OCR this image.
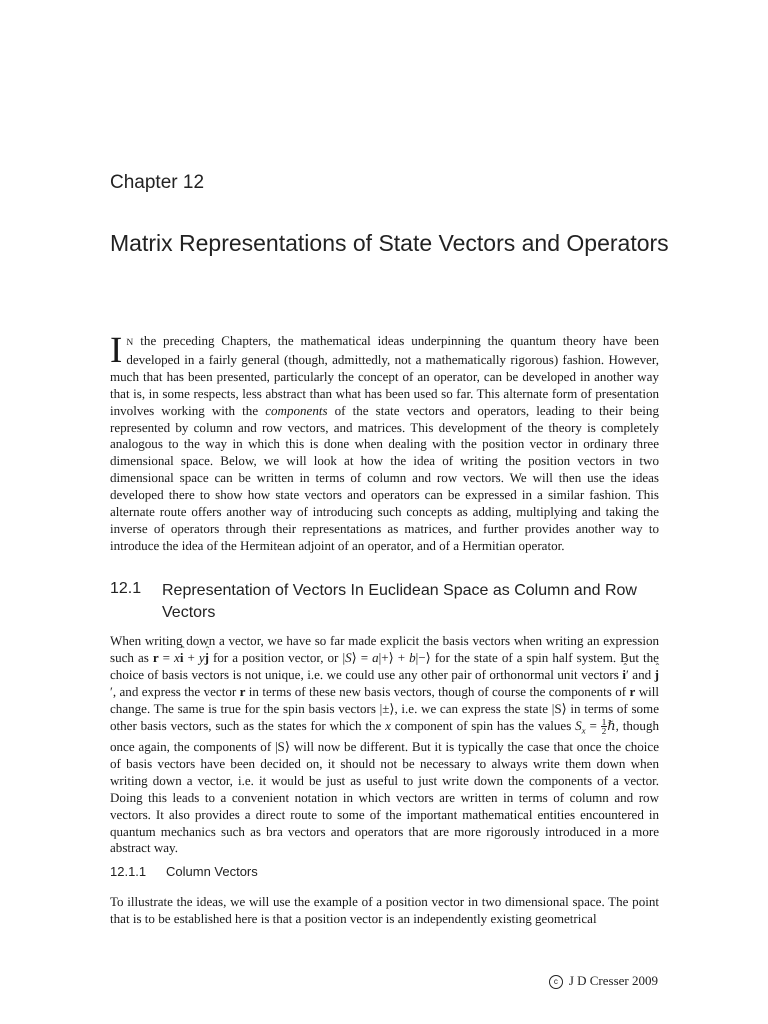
Chapter 12
Matrix Representations of State Vectors and Operators

I N the preceding Chapters, the mathematical ideas underpinning the quantum theory have been developed in a fairly general (though, admittedly, not a mathematically rigorous) fashion. However, much that has been presented, particularly the concept of an operator, can be developed in another way that is, in some respects, less abstract than what has been used so far. This alternate form of presentation involves working with the components of the state vectors and operators, leading to their being represented by column and row vectors, and matrices. This development of the theory is completely analogous to the way in which this is done when dealing with the position vector in ordinary three dimensional space. Below, we will look at how the idea of writing the position vectors in two dimensional space can be written in terms of column and row vectors. We will then use the ideas developed there to show how state vectors and operators can be expressed in a similar fashion. This alternate route offers another way of introducing such concepts as adding, multiplying and taking the inverse of operators through their representations as matrices, and further provides another way to introduce the idea of the Hermitean adjoint of an operator, and of a Hermitian operator.

12.1 Representation of Vectors In Euclidean Space as Column and Row Vectors

When writing down a vector, we have so far made explicit the basis vectors when writing an expression such as r = xi ˆ + yj ˆ for a position vector, or |S⟩ = a|+⟩ + b|−⟩ for the state of a spin half system. But the choice of basis vectors is not unique, i.e. we could use any other pair of orthonormal unit vectors i ˆ′ and j ˆ′, and express the vector r in terms of these new basis vectors, though of course the components of r will change. The same is true for the spin basis vectors |±⟩, i.e. we can express the state |S⟩ in terms of some other basis vectors, such as the states for which the x component of spin has the values $S_x = \frac{1}{2}$ ℏ, though once again, the components of |S⟩ will now be different. But it is typically the case that once the choice of basis vectors have been decided on, it should not be necessary to always write them down when writing down a vector, i.e. it would be just as useful to just write down the components of a vector. Doing this leads to a convenient notation in which vectors are written in terms of column and row vectors. It also provides a direct route to some of the important mathematical entities encountered in quantum mechanics such as bra vectors and operators that are more rigorously introduced in a more abstract way.

12.1.1 Column Vectors

To illustrate the ideas, we will use the example of a position vector in two dimensional space. The point that is to be established here is that a position vector is an independently existing geometrical

c J D Cresser 2009
